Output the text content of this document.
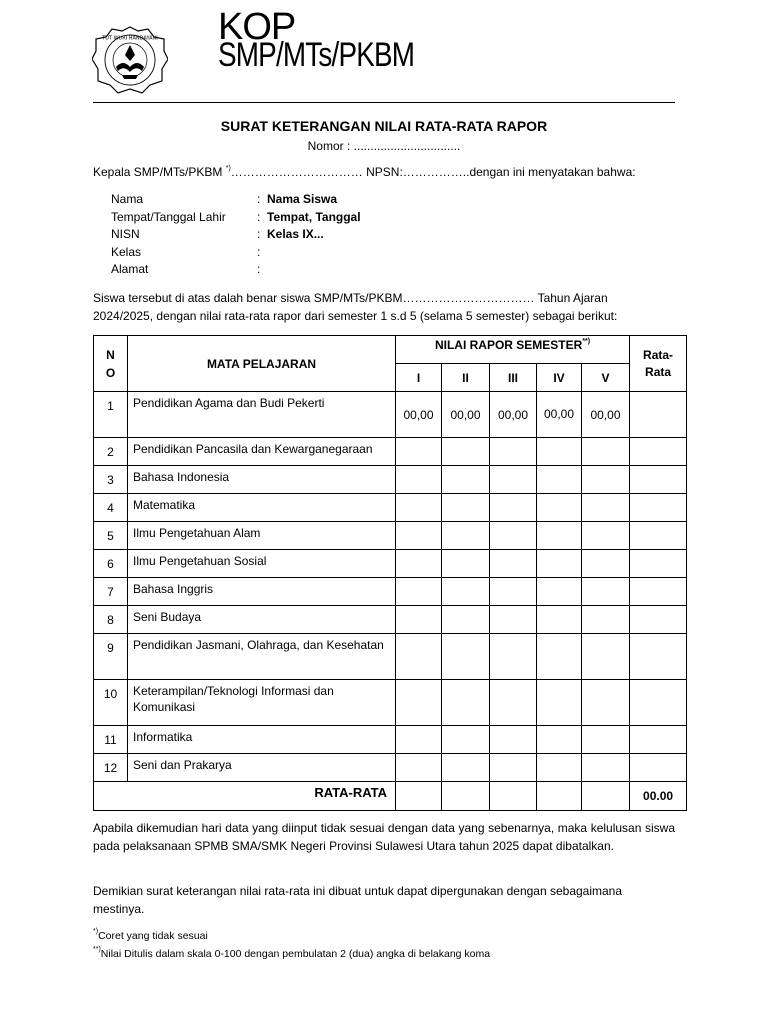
TUT WURI HANDAYANI KOP
SMP/MTs/PKBM
SURAT KETERANGAN NILAI RATA-RATA RAPOR
Nomor : ................................
Kepala SMP/MTs/PKBM *)…………………………… NPSN:……………..dengan ini menyatakan bahwa:
Nama	:	Nama Siswa
Tempat/Tanggal Lahir	:	Tempat, Tanggal
NISN	:	Kelas IX...
Kelas	:	
Alamat	:	
Siswa tersebut di atas dalah benar siswa SMP/MTs/PKBM…………………………… Tahun Ajaran
2024/2025, dengan nilai rata-rata rapor dari semester 1 s.d 5 (selama 5 semester) sebagai berikut:
NO	MATA PELAJARAN	NILAI RAPOR SEMESTER**)					Rata-Rata
		I	II	III	IV	V	
1	Pendidikan Agama dan Budi Pekerti	00,00	00,00	00,00	00,00	00,00	
2	Pendidikan Pancasila dan Kewarganegaraan						
3	Bahasa Indonesia						
4	Matematika						
5	Ilmu Pengetahuan Alam						
6	Ilmu Pengetahuan Sosial						
7	Bahasa Inggris						
8	Seni Budaya						
9	Pendidikan Jasmani, Olahraga, dan Kesehatan						
10	Keterampilan/Teknologi Informasi dan Komunikasi						
11	Informatika						
12	Seni dan Prakarya						
RATA-RATA							00.00
Apabila dikemudian hari data yang diinput tidak sesuai dengan data yang sebenarnya, maka kelulusan siswa pada pelaksanaan SPMB SMA/SMK Negeri Provinsi Sulawesi Utara tahun 2025 dapat dibatalkan.
Demikian surat keterangan nilai rata-rata ini dibuat untuk dapat dipergunakan dengan sebagaimana mestinya.
*)Coret yang tidak sesuai
**)Nilai Ditulis dalam skala 0-100 dengan pembulatan 2 (dua) angka di belakang koma
